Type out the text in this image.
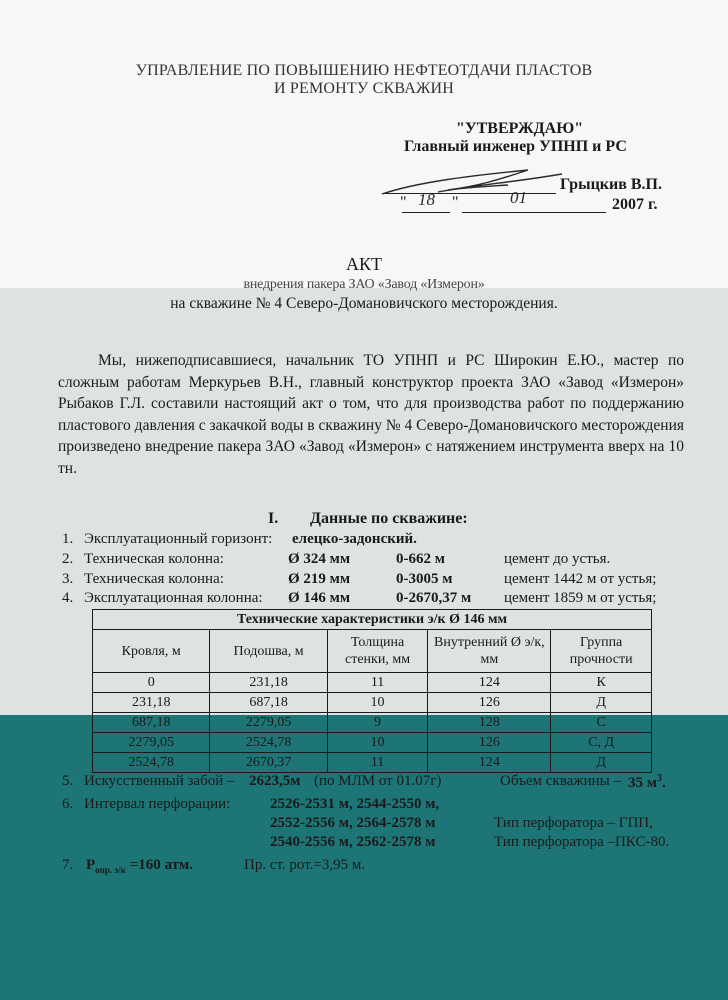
УПРАВЛЕНИЕ ПО ПОВЫШЕНИЮ НЕФТЕОТДАЧИ ПЛАСТОВ
И РЕМОНТУ СКВАЖИН
"УТВЕРЖДАЮ"
Главный инженер УПНП и РС
Грыцкив В.П.
" 18 "	01	2007 г.
АКТ
внедрения пакера ЗАО «Завод «Измерон»
на скважине № 4 Северо-Домановичского месторождения.
Мы, нижеподписавшиеся, начальник ТО УПНП и РС Широкин Е.Ю., мастер по сложным работам Меркурьев В.Н., главный конструктор проекта ЗАО «Завод «Измерон» Рыбаков Г.Л. составили настоящий акт о том, что для производства работ по поддержанию пластового давления с закачкой воды в скважину № 4 Северо-Домановичского месторождения произведено внедрение пакера ЗАО «Завод «Измерон» с натяжением инструмента вверх на 10 тн.
I. Данные по скважине:
1. Эксплуатационный горизонт: елецко-задонский.
2. Техническая колонна:	Ø 324 мм	0-662 м	цемент до устья.
3. Техническая колонна:	Ø 219 мм	0-3005 м	цемент 1442 м от устья;
4. Эксплуатационная колонна: Ø 146 мм	0-2670,37 м цемент 1859 м от устья;
Технические характеристики э/к Ø 146 мм				
Кровля, м	Подошва, м	Толщина стенки, мм	Внутренний Ø э/к, мм	Группа прочности
0	231,18	11	124	К
231,18	687,18	10	126	Д
687,18	2279,05	9	128	С
2279,05	2524,78	10	126	С, Д
2524,78	2670,37	11	124	Д
5. Искусственный забой – 2623,5м (по МЛМ от 01.07г)	Объем скважины – 35 $м^3$.
6. Интервал перфорации:	2526-2531 м, 2544-2550 м,
2552-2556 м, 2564-2578 м	Тип перфоратора – ГПП,
2540-2556 м, 2562-2578 м	Тип перфоратора –ПКС-80.
7. $Р_{опр. э/к} =160$ атм.	Пр. ст. рот.=3,95 м.
